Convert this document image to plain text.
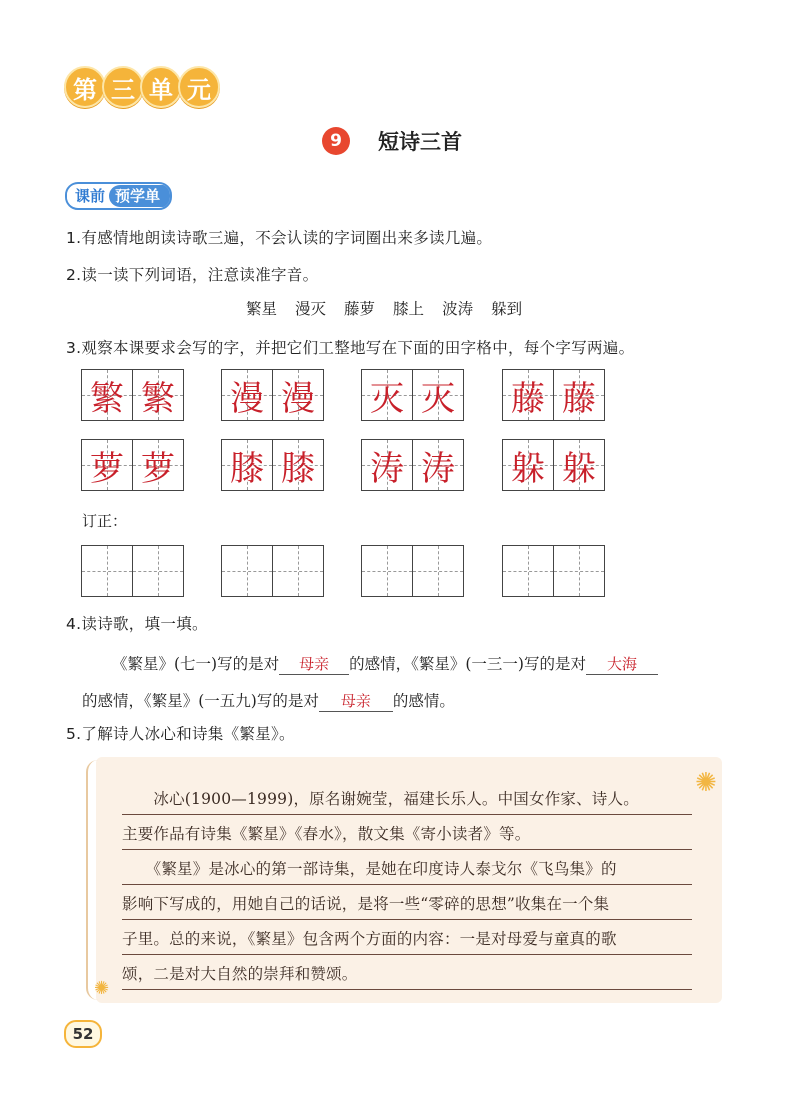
第 三 单 元
9	短诗三首
课前 预学单
1.有感情地朗读诗歌三遍，不会认读的字词圈出来多读几遍。
2.读一读下列词语，注意读准字音。
繁星 漫灭 藤萝 膝上 波涛 躲到
3.观察本课要求会写的字，并把它们工整地写在下面的田字格中，每个字写两遍。
繁 繁 漫 漫 灭 灭 藤 藤
萝 萝 膝 膝 涛 涛 躲 躲
订正：
4.读诗歌，填一填。
《繁星》(七一)写的是对 母亲 的感情，《繁星》(一三一)写的是对 大海
的感情，《繁星》(一五九)写的是对 母亲 的感情。
5.了解诗人冰心和诗集《繁星》。
✺
✺
　　冰心(1900—1999)，原名谢婉莹，福建长乐人。中国女作家、诗人。
主要作品有诗集《繁星》《春水》，散文集《寄小读者》等。
　　《繁星》是冰心的第一部诗集，是她在印度诗人泰戈尔《飞鸟集》的
影响下写成的，用她自己的话说，是将一些“零碎的思想”收集在一个集
子里。总的来说，《繁星》包含两个方面的内容：一是对母爱与童真的歌
颂，二是对大自然的崇拜和赞颂。
52
